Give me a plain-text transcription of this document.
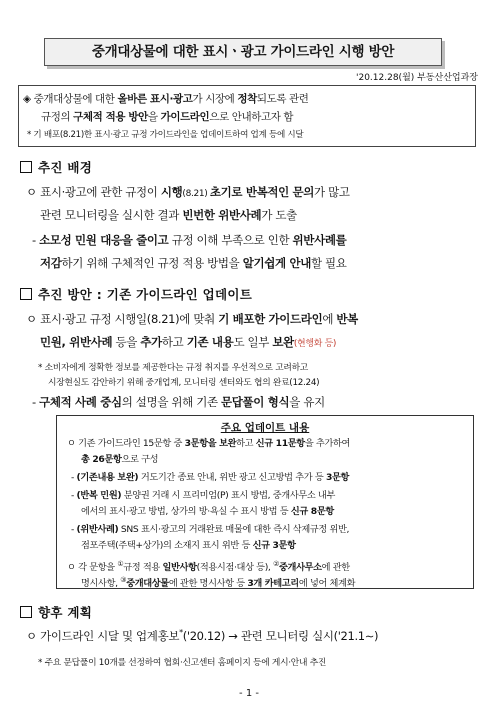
중개대상물에 대한 표시ㆍ광고 가이드라인 시행 방안
'20.12.28(월) 부동산산업과장
◈ 중개대상물에 대한 올바른 표시·광고가 시장에 정착되도록 관련
규정의 구체적 적용 방안을 가이드라인으로 안내하고자 함
* 기 배포(8.21)한 표시·광고 규정 가이드라인을 업데이트하여 업계 등에 시달
추진 배경
ㅇ 표시·광고에 관한 규정이 시행(8.21) 초기로 반복적인 문의가 많고
관련 모니터링을 실시한 결과 빈번한 위반사례가 도출
- 소모성 민원 대응을 줄이고 규정 이해 부족으로 인한 위반사례를
저감하기 위해 구체적인 규정 적용 방법을 알기쉽게 안내할 필요
추진 방안 : 기존 가이드라인 업데이트
ㅇ 표시·광고 규정 시행일(8.21)에 맞춰 기 배포한 가이드라인에 반복
민원, 위반사례 등을 추가하고 기존 내용도 일부 보완(현행화 등)
* 소비자에게 정확한 정보를 제공한다는 규정 취지를 우선적으로 고려하고
시장현실도 감안하기 위해 중개업계, 모니터링 센터와도 협의 완료(12.24)
- 구체적 사례 중심의 설명을 위해 기존 문답풀이 형식을 유지
주요 업데이트 내용
ㅇ 기존 가이드라인 15문항 중 3문항을 보완하고 신규 11문항을 추가하여
총 26문항으로 구성
- (기존내용 보완) 거도기간 종료 안내, 위반 광고 신고방법 추가 등 3문항
- (반복 민원) 분양권 거래 시 프리미엄(P) 표시 방법, 중개사무소 내부
에서의 표시·광고 방법, 상가의 방·욕실 수 표시 방법 등 신규 8문항
- (위반사례) SNS 표시·광고의 거래완료 매물에 대한 즉시 삭제규정 위반,
점포주택(주택+상가)의 소재지 표시 위반 등 신규 3문항
ㅇ 각 문항을 ①규정 적용 일반사항(적용시점·대상 등), ②중개사무소에 관한
명시사항, ③중개대상물에 관한 명시사항 등 3개 카테고리에 넣어 체계화
향후 계획
ㅇ 가이드라인 시달 및 업계홍보*('20.12) → 관련 모니터링 실시('21.1∼)
* 주요 문답풀이 10개를 선정하여 협회·신고센터 홈페이지 등에 게시·안내 추진
- 1 -
